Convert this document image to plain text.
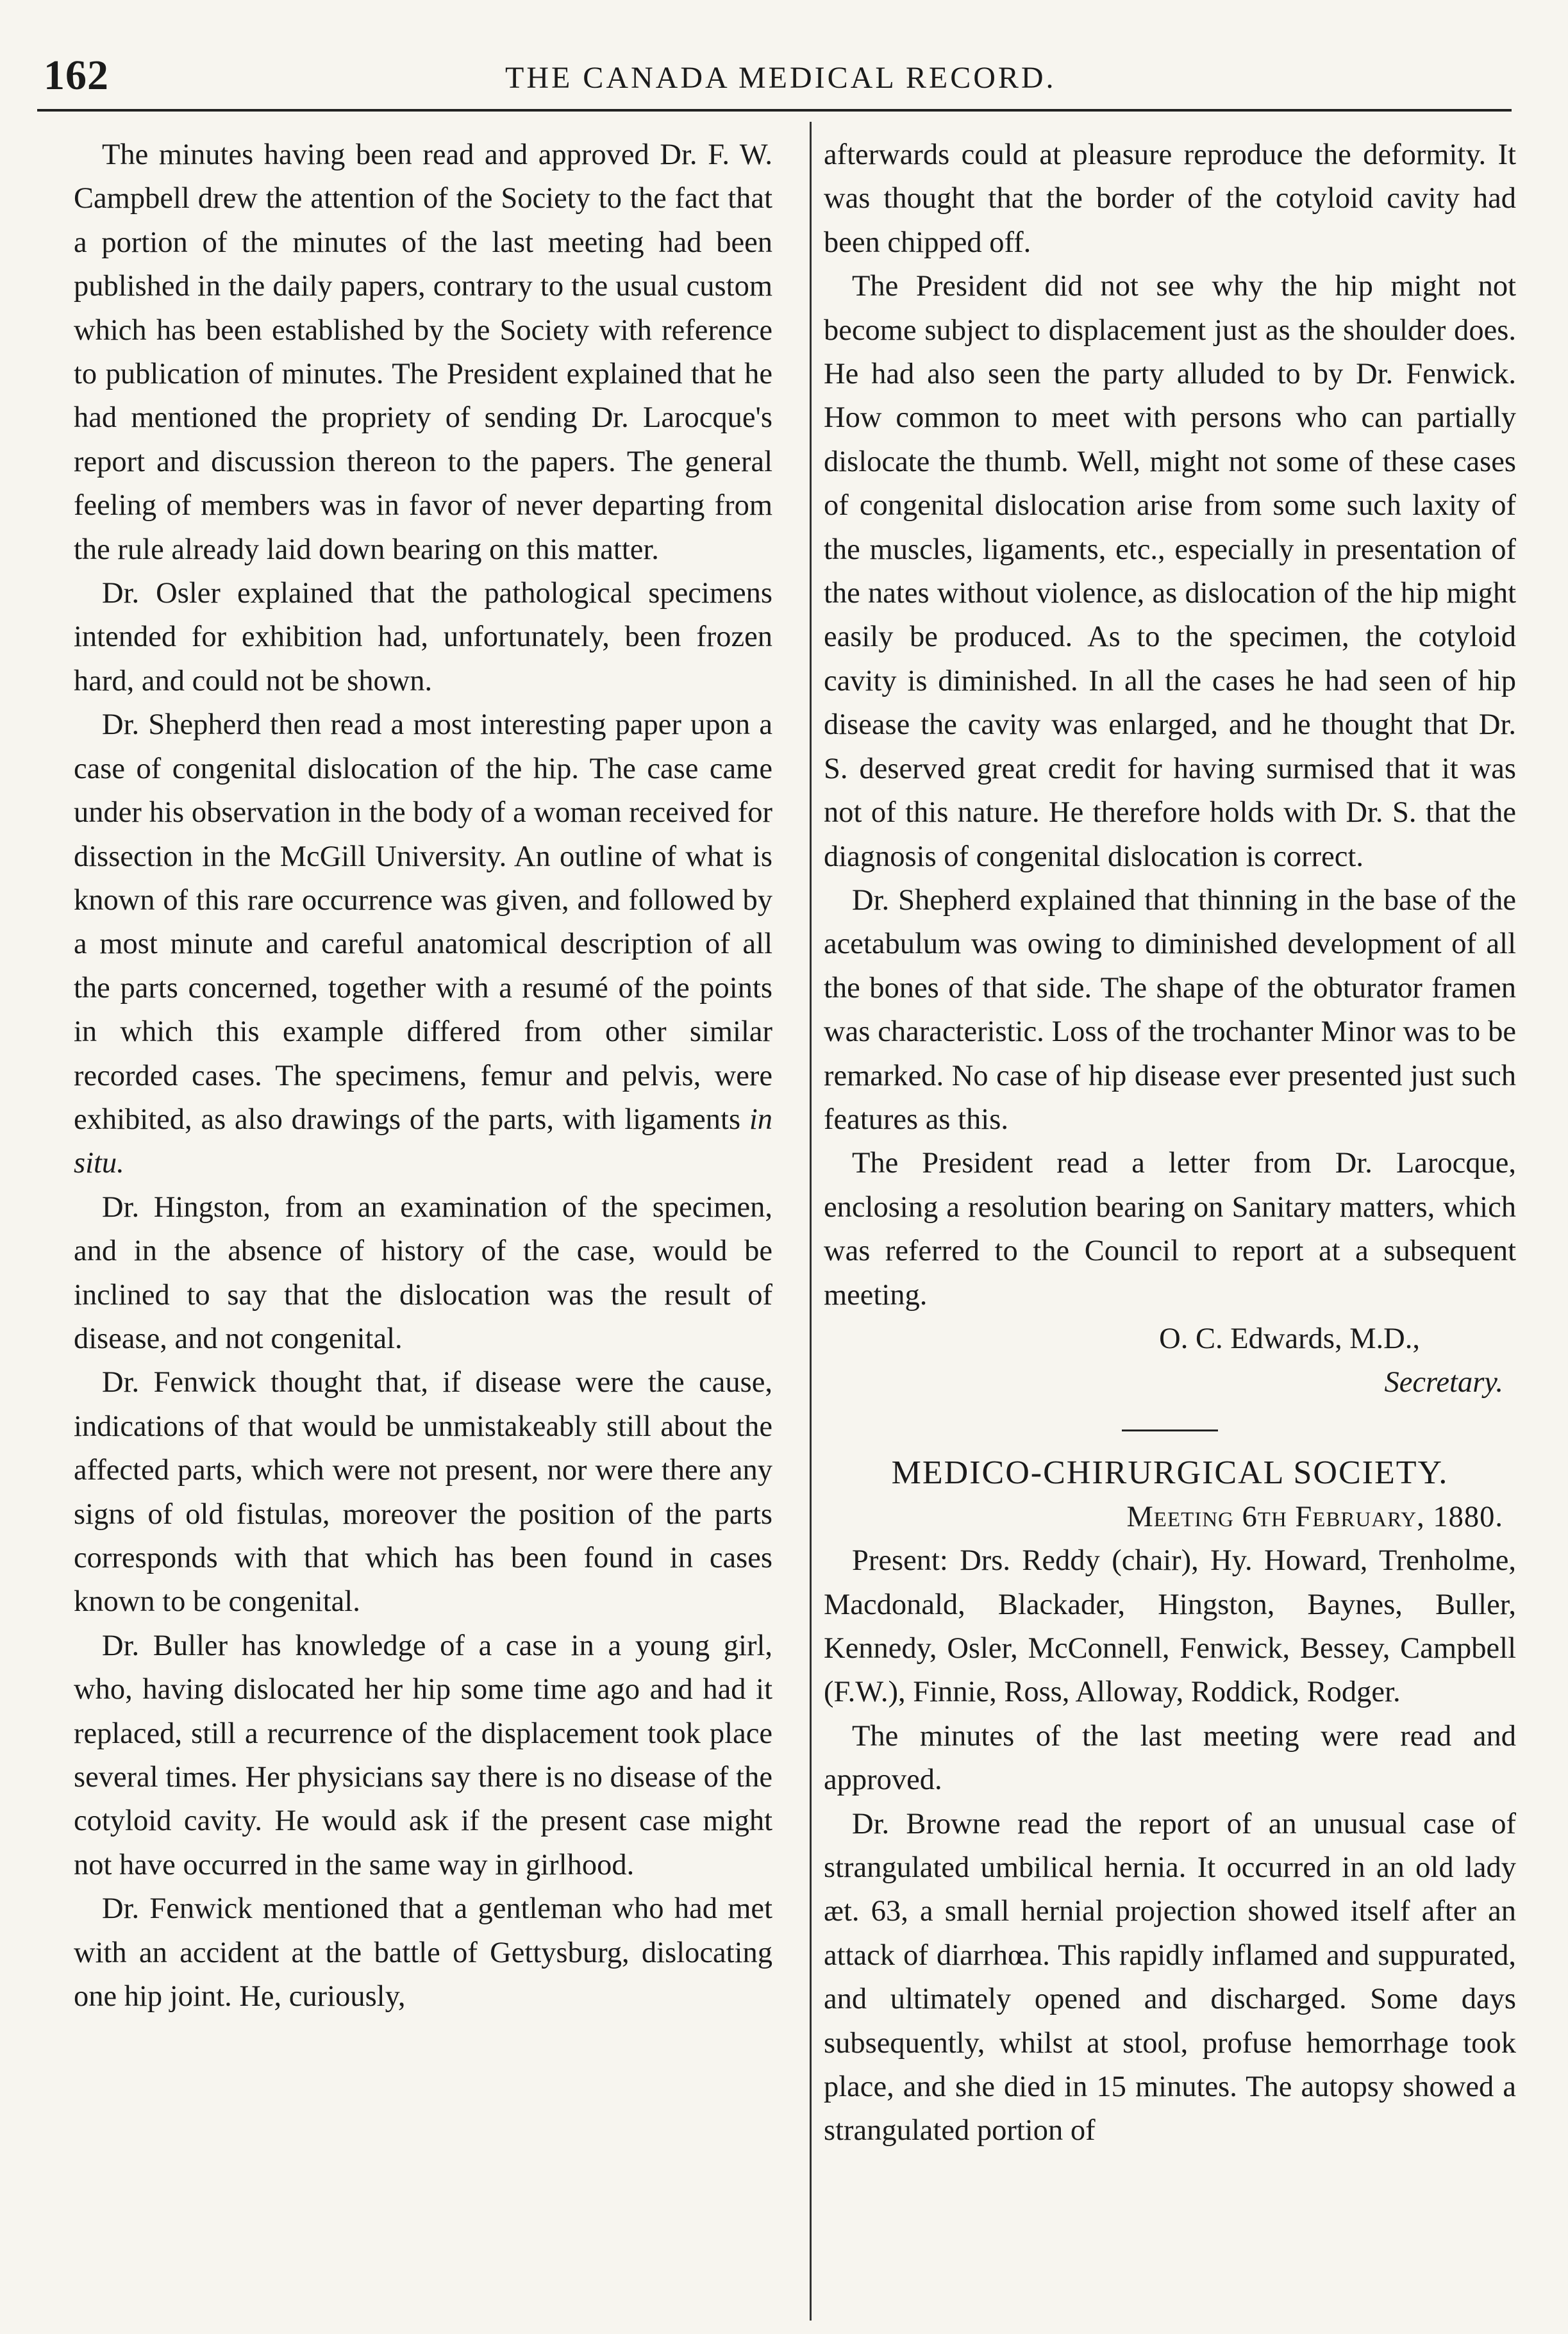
162	THE CANADA MEDICAL RECORD.

The minutes having been read and approved Dr. F. W. Campbell drew the attention of the Society to the fact that a portion of the minutes of the last meeting had been published in the daily papers, contrary to the usual custom which has been established by the Society with reference to publication of minutes. The President explained that he had mentioned the propriety of sending Dr. Larocque's report and discussion thereon to the papers. The general feeling of members was in favor of never departing from the rule already laid down bearing on this matter.

Dr. Osler explained that the pathological specimens intended for exhibition had, unfortunately, been frozen hard, and could not be shown.

Dr. Shepherd then read a most interesting paper upon a case of congenital dislocation of the hip. The case came under his observation in the body of a woman received for dissection in the McGill University. An outline of what is known of this rare occurrence was given, and followed by a most minute and careful anatomical description of all the parts concerned, together with a resumé of the points in which this example differed from other similar recorded cases. The specimens, femur and pelvis, were exhibited, as also drawings of the parts, with ligaments in situ.

Dr. Hingston, from an examination of the specimen, and in the absence of history of the case, would be inclined to say that the dislocation was the result of disease, and not congenital.

Dr. Fenwick thought that, if disease were the cause, indications of that would be unmistakeably still about the affected parts, which were not present, nor were there any signs of old fistulas, moreover the position of the parts corresponds with that which has been found in cases known to be congenital.

Dr. Buller has knowledge of a case in a young girl, who, having dislocated her hip some time ago and had it replaced, still a recurrence of the displacement took place several times. Her physicians say there is no disease of the cotyloid cavity. He would ask if the present case might not have occurred in the same way in girlhood.

Dr. Fenwick mentioned that a gentleman who had met with an accident at the battle of Gettysburg, dislocating one hip joint. He, curiously,

afterwards could at pleasure reproduce the deformity. It was thought that the border of the cotyloid cavity had been chipped off.

The President did not see why the hip might not become subject to displacement just as the shoulder does. He had also seen the party alluded to by Dr. Fenwick. How common to meet with persons who can partially dislocate the thumb. Well, might not some of these cases of congenital dislocation arise from some such laxity of the muscles, ligaments, etc., especially in presentation of the nates without violence, as dislocation of the hip might easily be produced. As to the specimen, the cotyloid cavity is diminished. In all the cases he had seen of hip disease the cavity was enlarged, and he thought that Dr. S. deserved great credit for having surmised that it was not of this nature. He therefore holds with Dr. S. that the diagnosis of congenital dislocation is correct.

Dr. Shepherd explained that thinning in the base of the acetabulum was owing to diminished development of all the bones of that side. The shape of the obturator framen was characteristic. Loss of the trochanter Minor was to be remarked. No case of hip disease ever presented just such features as this.

The President read a letter from Dr. Larocque, enclosing a resolution bearing on Sanitary matters, which was referred to the Council to report at a subsequent meeting.

O. C. Edwards, M.D.,
Secretary.
MEDICO-CHIRURGICAL SOCIETY.
Meeting 6th February, 1880.

Present: Drs. Reddy (chair), Hy. Howard, Trenholme, Macdonald, Blackader, Hingston, Baynes, Buller, Kennedy, Osler, McConnell, Fenwick, Bessey, Campbell (F.W.), Finnie, Ross, Alloway, Roddick, Rodger.

The minutes of the last meeting were read and approved.

Dr. Browne read the report of an unusual case of strangulated umbilical hernia. It occurred in an old lady æt. 63, a small hernial projection showed itself after an attack of diarrhœa. This rapidly inflamed and suppurated, and ultimately opened and discharged. Some days subsequently, whilst at stool, profuse hemorrhage took place, and she died in 15 minutes. The autopsy showed a strangulated portion of
